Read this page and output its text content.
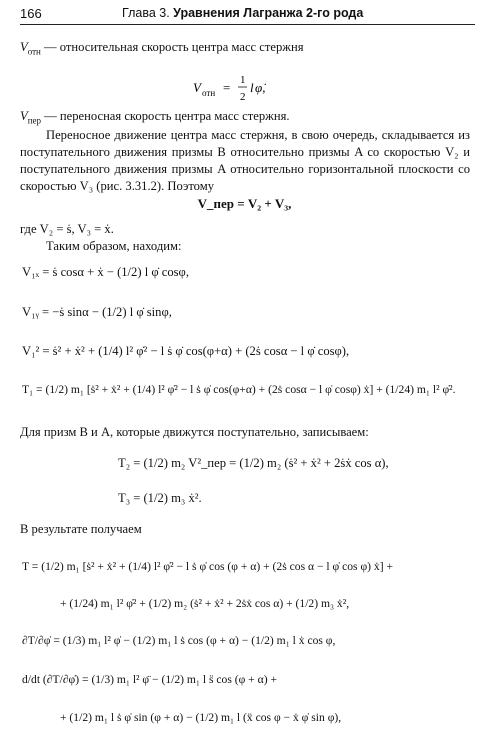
166	Глава 3. Уравнения Лагранжа 2-го рода
$V_{отн}$ — относительная скорость центра масс стержня
V отн = 1
2
l φ̇,
$V_{пер}$ — переносная скорость центра масс стержня.
Переносное движение центра масс стержня, в свою очередь, складывается из поступательного движения призмы B относительно призмы A со скоростью V₂ и поступательного движения призмы A относительно горизонтальной плоскости со скоростью V₃ (рис. 3.31.2). Поэтому
V_пер = V₂ + V₃,
где V₂ = ṡ, V₃ = ẋ.
Таким образом, находим:
V₁ₓ = ṡ cosα + ẋ − (1/2) l φ̇ cosφ,
V₁ᵧ = −ṡ sinα − (1/2) l φ̇ sinφ,
V₁² = ṡ² + ẋ² + (1/4) l² φ̇² − l ṡ φ̇ cos(φ+α) + (2ṡ cosα − l φ̇ cosφ),
T₁ = (1/2) m₁ [ṡ² + ẋ² + (1/4) l² φ̇² − l ṡ φ̇ cos(φ+α) + (2ṡ cosα − l φ̇ cosφ) ẋ] + (1/24) m₁ l² φ̇².
Для призм B и A, которые движутся поступательно, записываем:
T₂ = (1/2) m₂ V²_пер = (1/2) m₂ (ṡ² + ẋ² + 2ṡẋ cos α),
T₃ = (1/2) m₃ ẋ².
В результате получаем
T = (1/2) m₁ [ṡ² + ẋ² + (1/4) l² φ̇² − l ṡ φ̇ cos (φ + α) + (2ṡ cos α − l φ̇ cos φ) ẋ] +
+ (1/24) m₁ l² φ̇² + (1/2) m₂ (ṡ² + ẋ² + 2ṡẋ cos α) + (1/2) m₃ ẋ²,
∂T/∂φ̇ = (1/3) m₁ l² φ̇ − (1/2) m₁ l ṡ cos (φ + α) − (1/2) m₁ l ẋ cos φ,
d/dt (∂T/∂φ̇) = (1/3) m₁ l² φ̈ − (1/2) m₁ l s̈ cos (φ + α) +
+ (1/2) m₁ l ṡ φ̇ sin (φ + α) − (1/2) m₁ l (ẍ cos φ − ẋ φ̇ sin φ),
